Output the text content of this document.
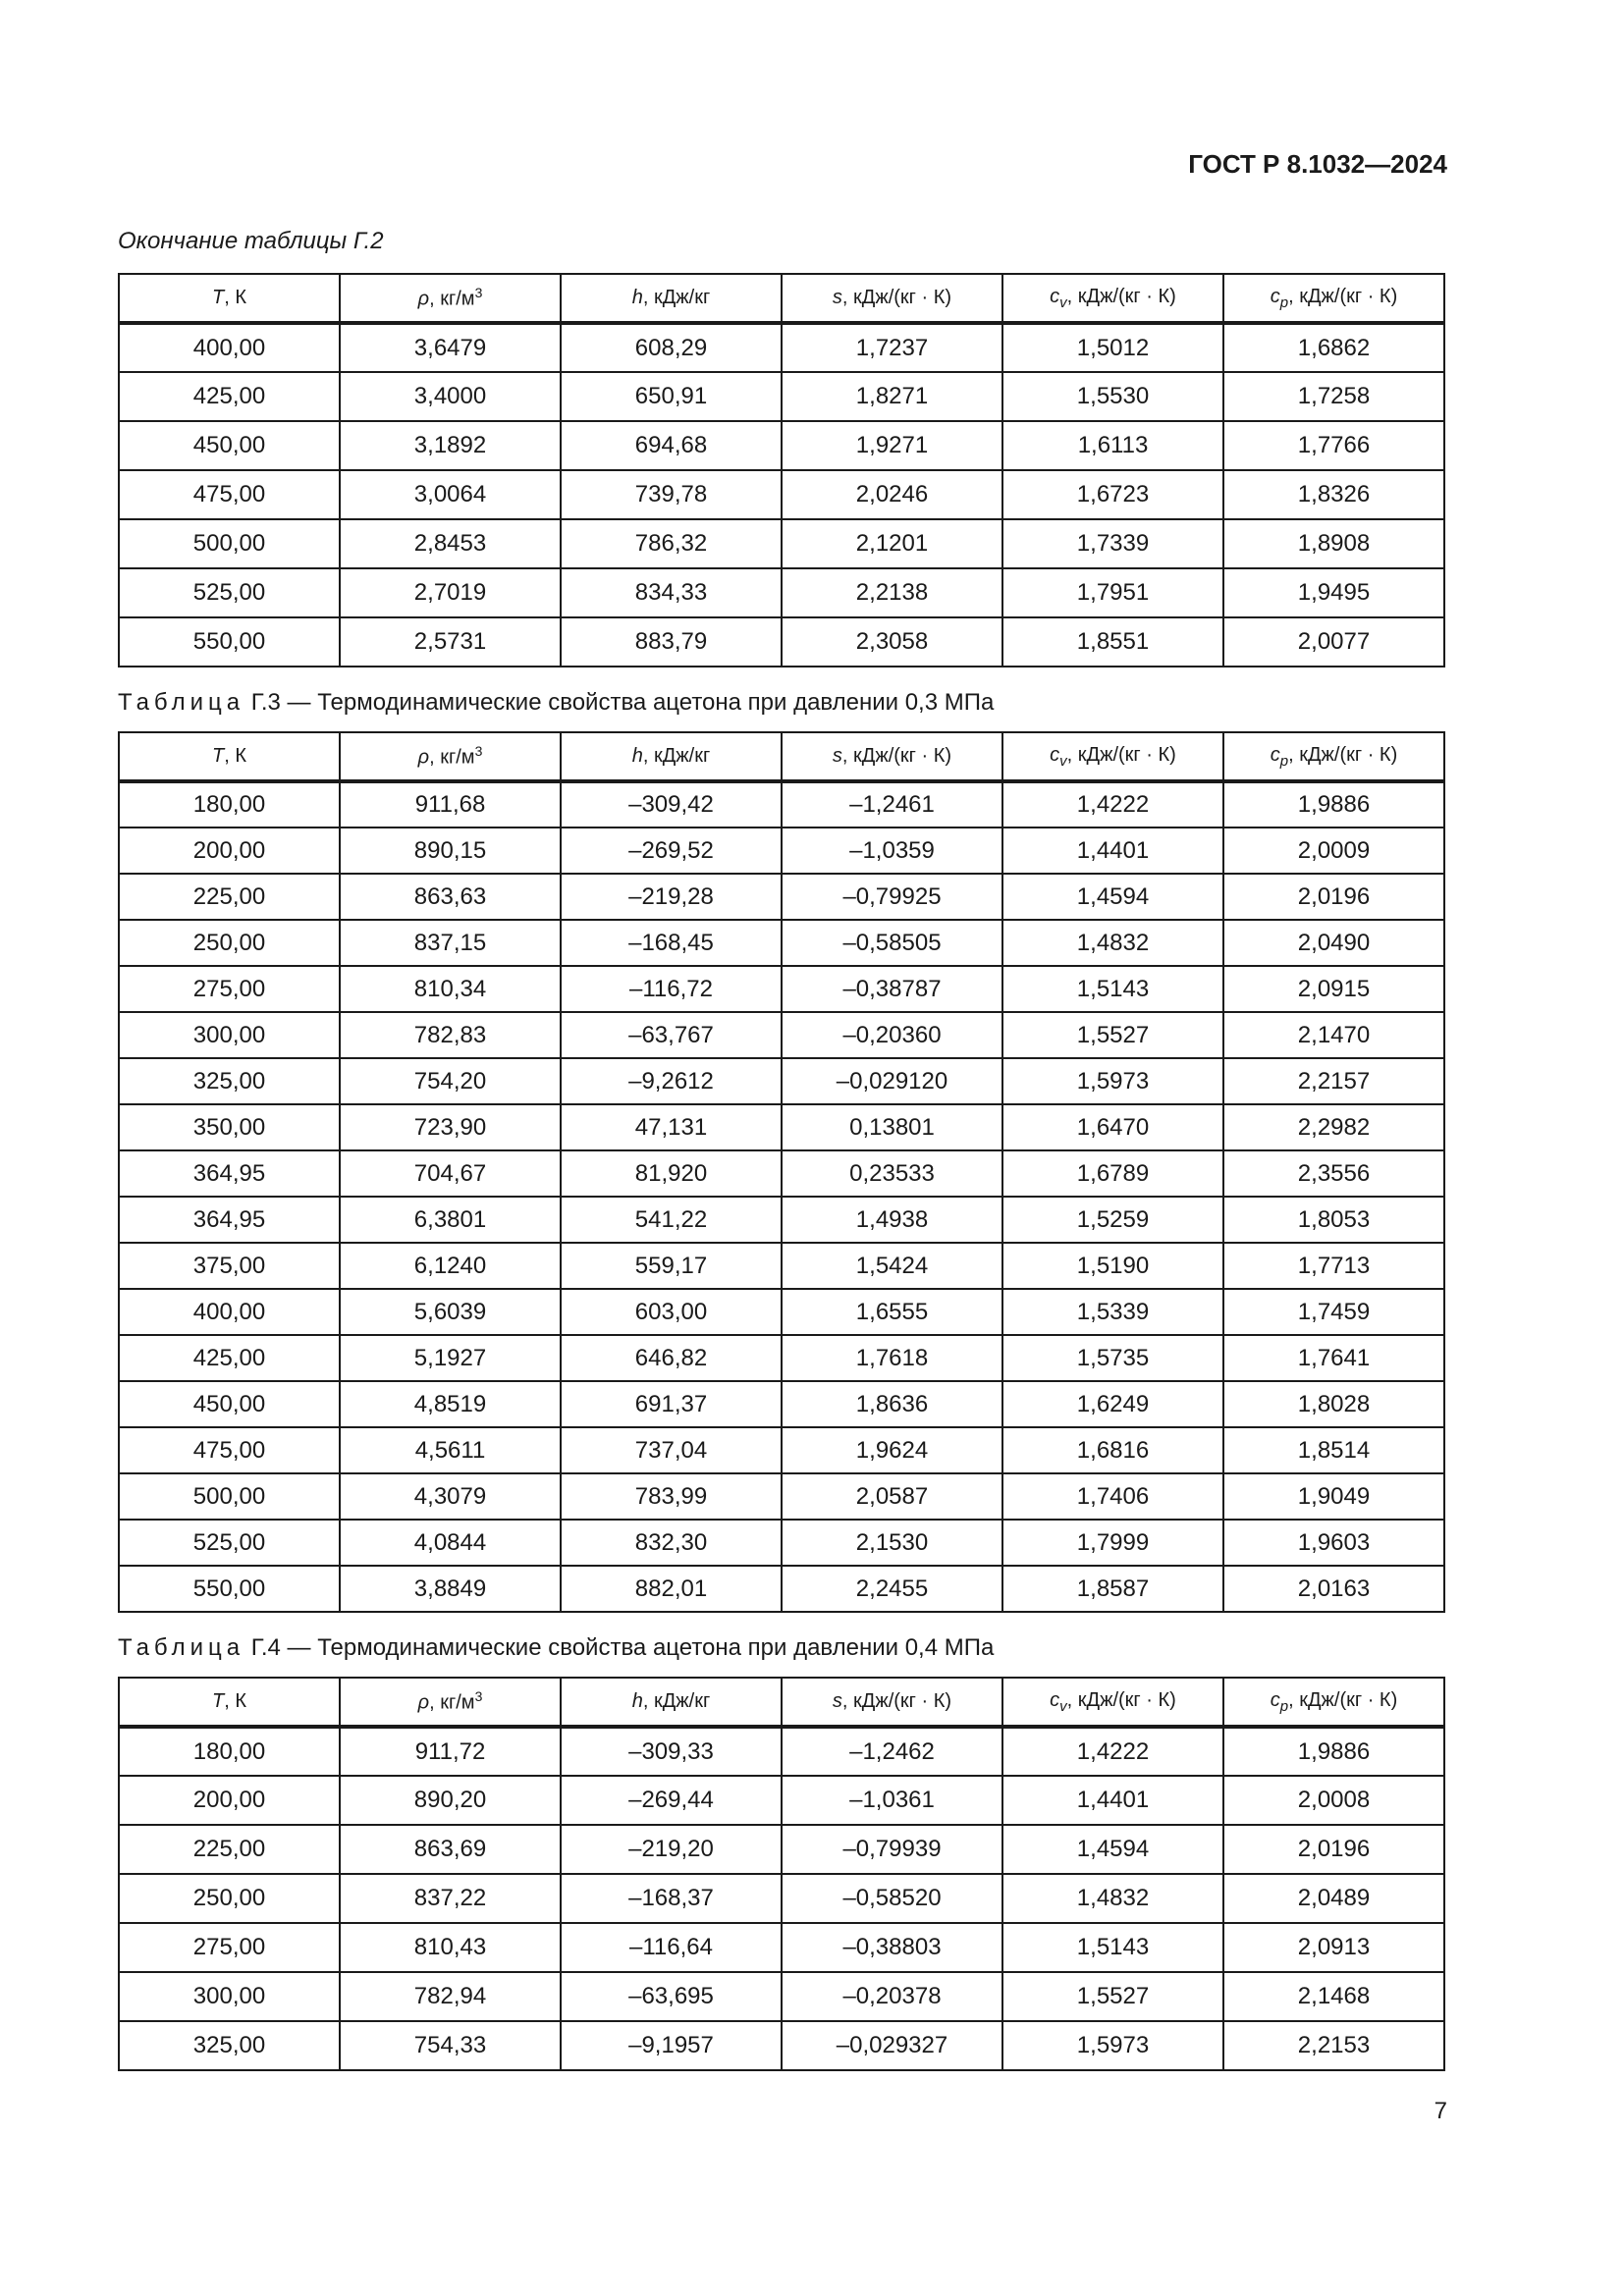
ГОСТ Р 8.1032—2024
Окончание таблицы Г.2
T, К	ρ, $кг/м^3$	h, кДж/кг	s, кДж/(кг · К)	$c_v$, кДж/(кг · К)	$c_p$, кДж/(кг · К)
400,00	3,6479	608,29	1,7237	1,5012	1,6862
425,00	3,4000	650,91	1,8271	1,5530	1,7258
450,00	3,1892	694,68	1,9271	1,6113	1,7766
475,00	3,0064	739,78	2,0246	1,6723	1,8326
500,00	2,8453	786,32	2,1201	1,7339	1,8908
525,00	2,7019	834,33	2,2138	1,7951	1,9495
550,00	2,5731	883,79	2,3058	1,8551	2,0077
Таблица Г.3 — Термодинамические свойства ацетона при давлении 0,3 МПа
T, К	ρ, $кг/м^3$	h, кДж/кг	s, кДж/(кг · К)	$c_v$, кДж/(кг · К)	$c_p$, кДж/(кг · К)
180,00	911,68	–309,42	–1,2461	1,4222	1,9886
200,00	890,15	–269,52	–1,0359	1,4401	2,0009
225,00	863,63	–219,28	–0,79925	1,4594	2,0196
250,00	837,15	–168,45	–0,58505	1,4832	2,0490
275,00	810,34	–116,72	–0,38787	1,5143	2,0915
300,00	782,83	–63,767	–0,20360	1,5527	2,1470
325,00	754,20	–9,2612	–0,029120	1,5973	2,2157
350,00	723,90	47,131	0,13801	1,6470	2,2982
364,95	704,67	81,920	0,23533	1,6789	2,3556
364,95	6,3801	541,22	1,4938	1,5259	1,8053
375,00	6,1240	559,17	1,5424	1,5190	1,7713
400,00	5,6039	603,00	1,6555	1,5339	1,7459
425,00	5,1927	646,82	1,7618	1,5735	1,7641
450,00	4,8519	691,37	1,8636	1,6249	1,8028
475,00	4,5611	737,04	1,9624	1,6816	1,8514
500,00	4,3079	783,99	2,0587	1,7406	1,9049
525,00	4,0844	832,30	2,1530	1,7999	1,9603
550,00	3,8849	882,01	2,2455	1,8587	2,0163
Таблица Г.4 — Термодинамические свойства ацетона при давлении 0,4 МПа
T, К	ρ, $кг/м^3$	h, кДж/кг	s, кДж/(кг · К)	$c_v$, кДж/(кг · К)	$c_p$, кДж/(кг · К)
180,00	911,72	–309,33	–1,2462	1,4222	1,9886
200,00	890,20	–269,44	–1,0361	1,4401	2,0008
225,00	863,69	–219,20	–0,79939	1,4594	2,0196
250,00	837,22	–168,37	–0,58520	1,4832	2,0489
275,00	810,43	–116,64	–0,38803	1,5143	2,0913
300,00	782,94	–63,695	–0,20378	1,5527	2,1468
325,00	754,33	–9,1957	–0,029327	1,5973	2,2153
7
